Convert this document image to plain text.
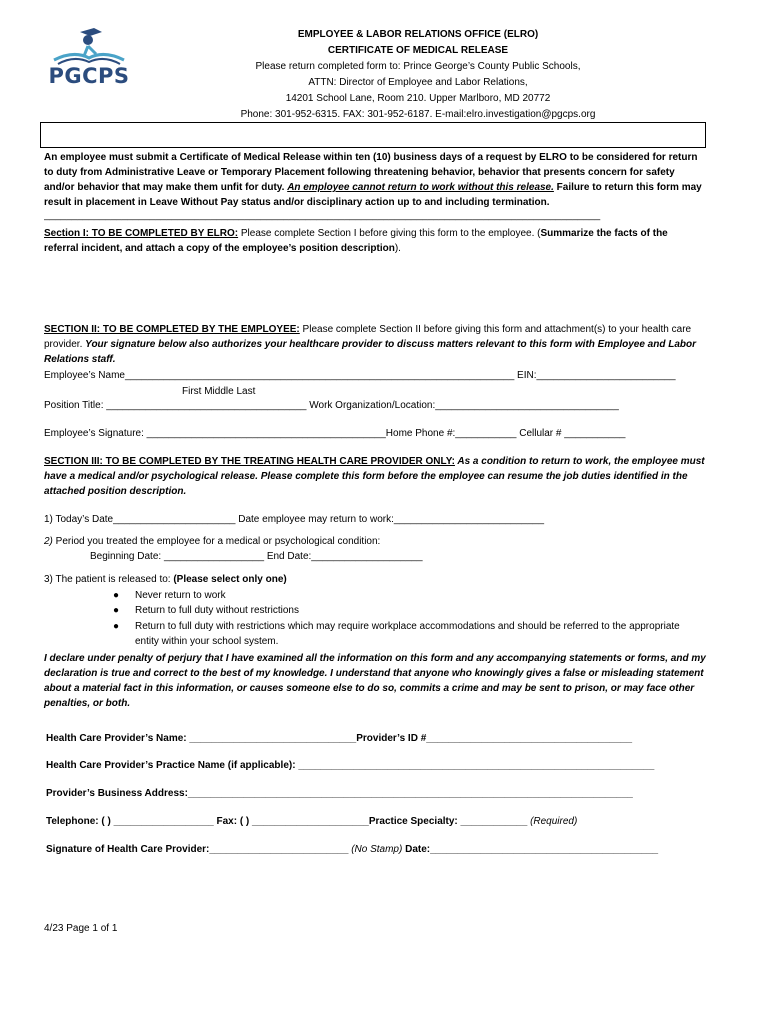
PGCPS
EMPLOYEE & LABOR RELATIONS OFFICE (ELRO)
CERTIFICATE OF MEDICAL RELEASE
Please return completed form to: Prince George’s County Public Schools,
ATTN: Director of Employee and Labor Relations,
14201 School Lane, Room 210. Upper Marlboro, MD 20772
Phone: 301-952-6315. FAX: 301-952-6187. E-mail:elro.investigation@pgcps.org
An employee must submit a Certificate of Medical Release within ten (10) business days of a request by ELRO to be considered for return to duty from Administrative Leave or Temporary Placement following threatening behavior, behavior that presents concern for safety and/or behavior that may make them unfit for duty. An employee cannot return to work without this release. Failure to return this form may result in placement in Leave Without Pay status and/or disciplinary action up to and including termination.
____________________________________________________________________________________________________
Section I: TO BE COMPLETED BY ELRO: Please complete Section I before giving this form to the employee. (Summarize the facts of the referral incident, and attach a copy of the employee’s position description).
SECTION II: TO BE COMPLETED BY THE EMPLOYEE: Please complete Section II before giving this form and attachment(s) to your health care provider. Your signature below also authorizes your healthcare provider to discuss matters relevant to this form with Employee and Labor Relations staff.
Employee’s Name______________________________________________________________________ EIN:_________________________
First Middle Last
Position Title: ____________________________________ Work Organization/Location:_________________________________
Employee’s Signature: ___________________________________________Home Phone #:___________ Cellular # ___________
SECTION III: TO BE COMPLETED BY THE TREATING HEALTH CARE PROVIDER ONLY: As a condition to return to work, the employee must have a medical and/or psychological release. Please complete this form before the employee can resume the job duties identified in the attached position description.
1) Today’s Date______________________ Date employee may return to work:___________________________
2) Period you treated the employee for a medical or psychological condition:
Beginning Date: __________________ End Date:____________________
3) The patient is released to: (Please select only one)
● Never return to work
● Return to full duty without restrictions
● Return to full duty with restrictions which may require workplace accommodations and should be referred to the appropriate entity within your school system.
I declare under penalty of perjury that I have examined all the information on this form and any accompanying statements or forms, and my declaration is true and correct to the best of my knowledge. I understand that anyone who knowingly gives a false or misleading statement about a material fact in this information, or causes someone else to do so, commits a crime and may be sent to prison, or may face other penalties, or both.
Health Care Provider’s Name: ______________________________Provider’s ID #_____________________________________
Health Care Provider’s Practice Name (if applicable): ________________________________________________________________
Provider’s Business Address:________________________________________________________________________________
Telephone: ( ) __________________ Fax: ( ) _____________________Practice Specialty: ____________ (Required)
Signature of Health Care Provider:_________________________ (No Stamp) Date:_________________________________________
4/23 Page 1 of 1
